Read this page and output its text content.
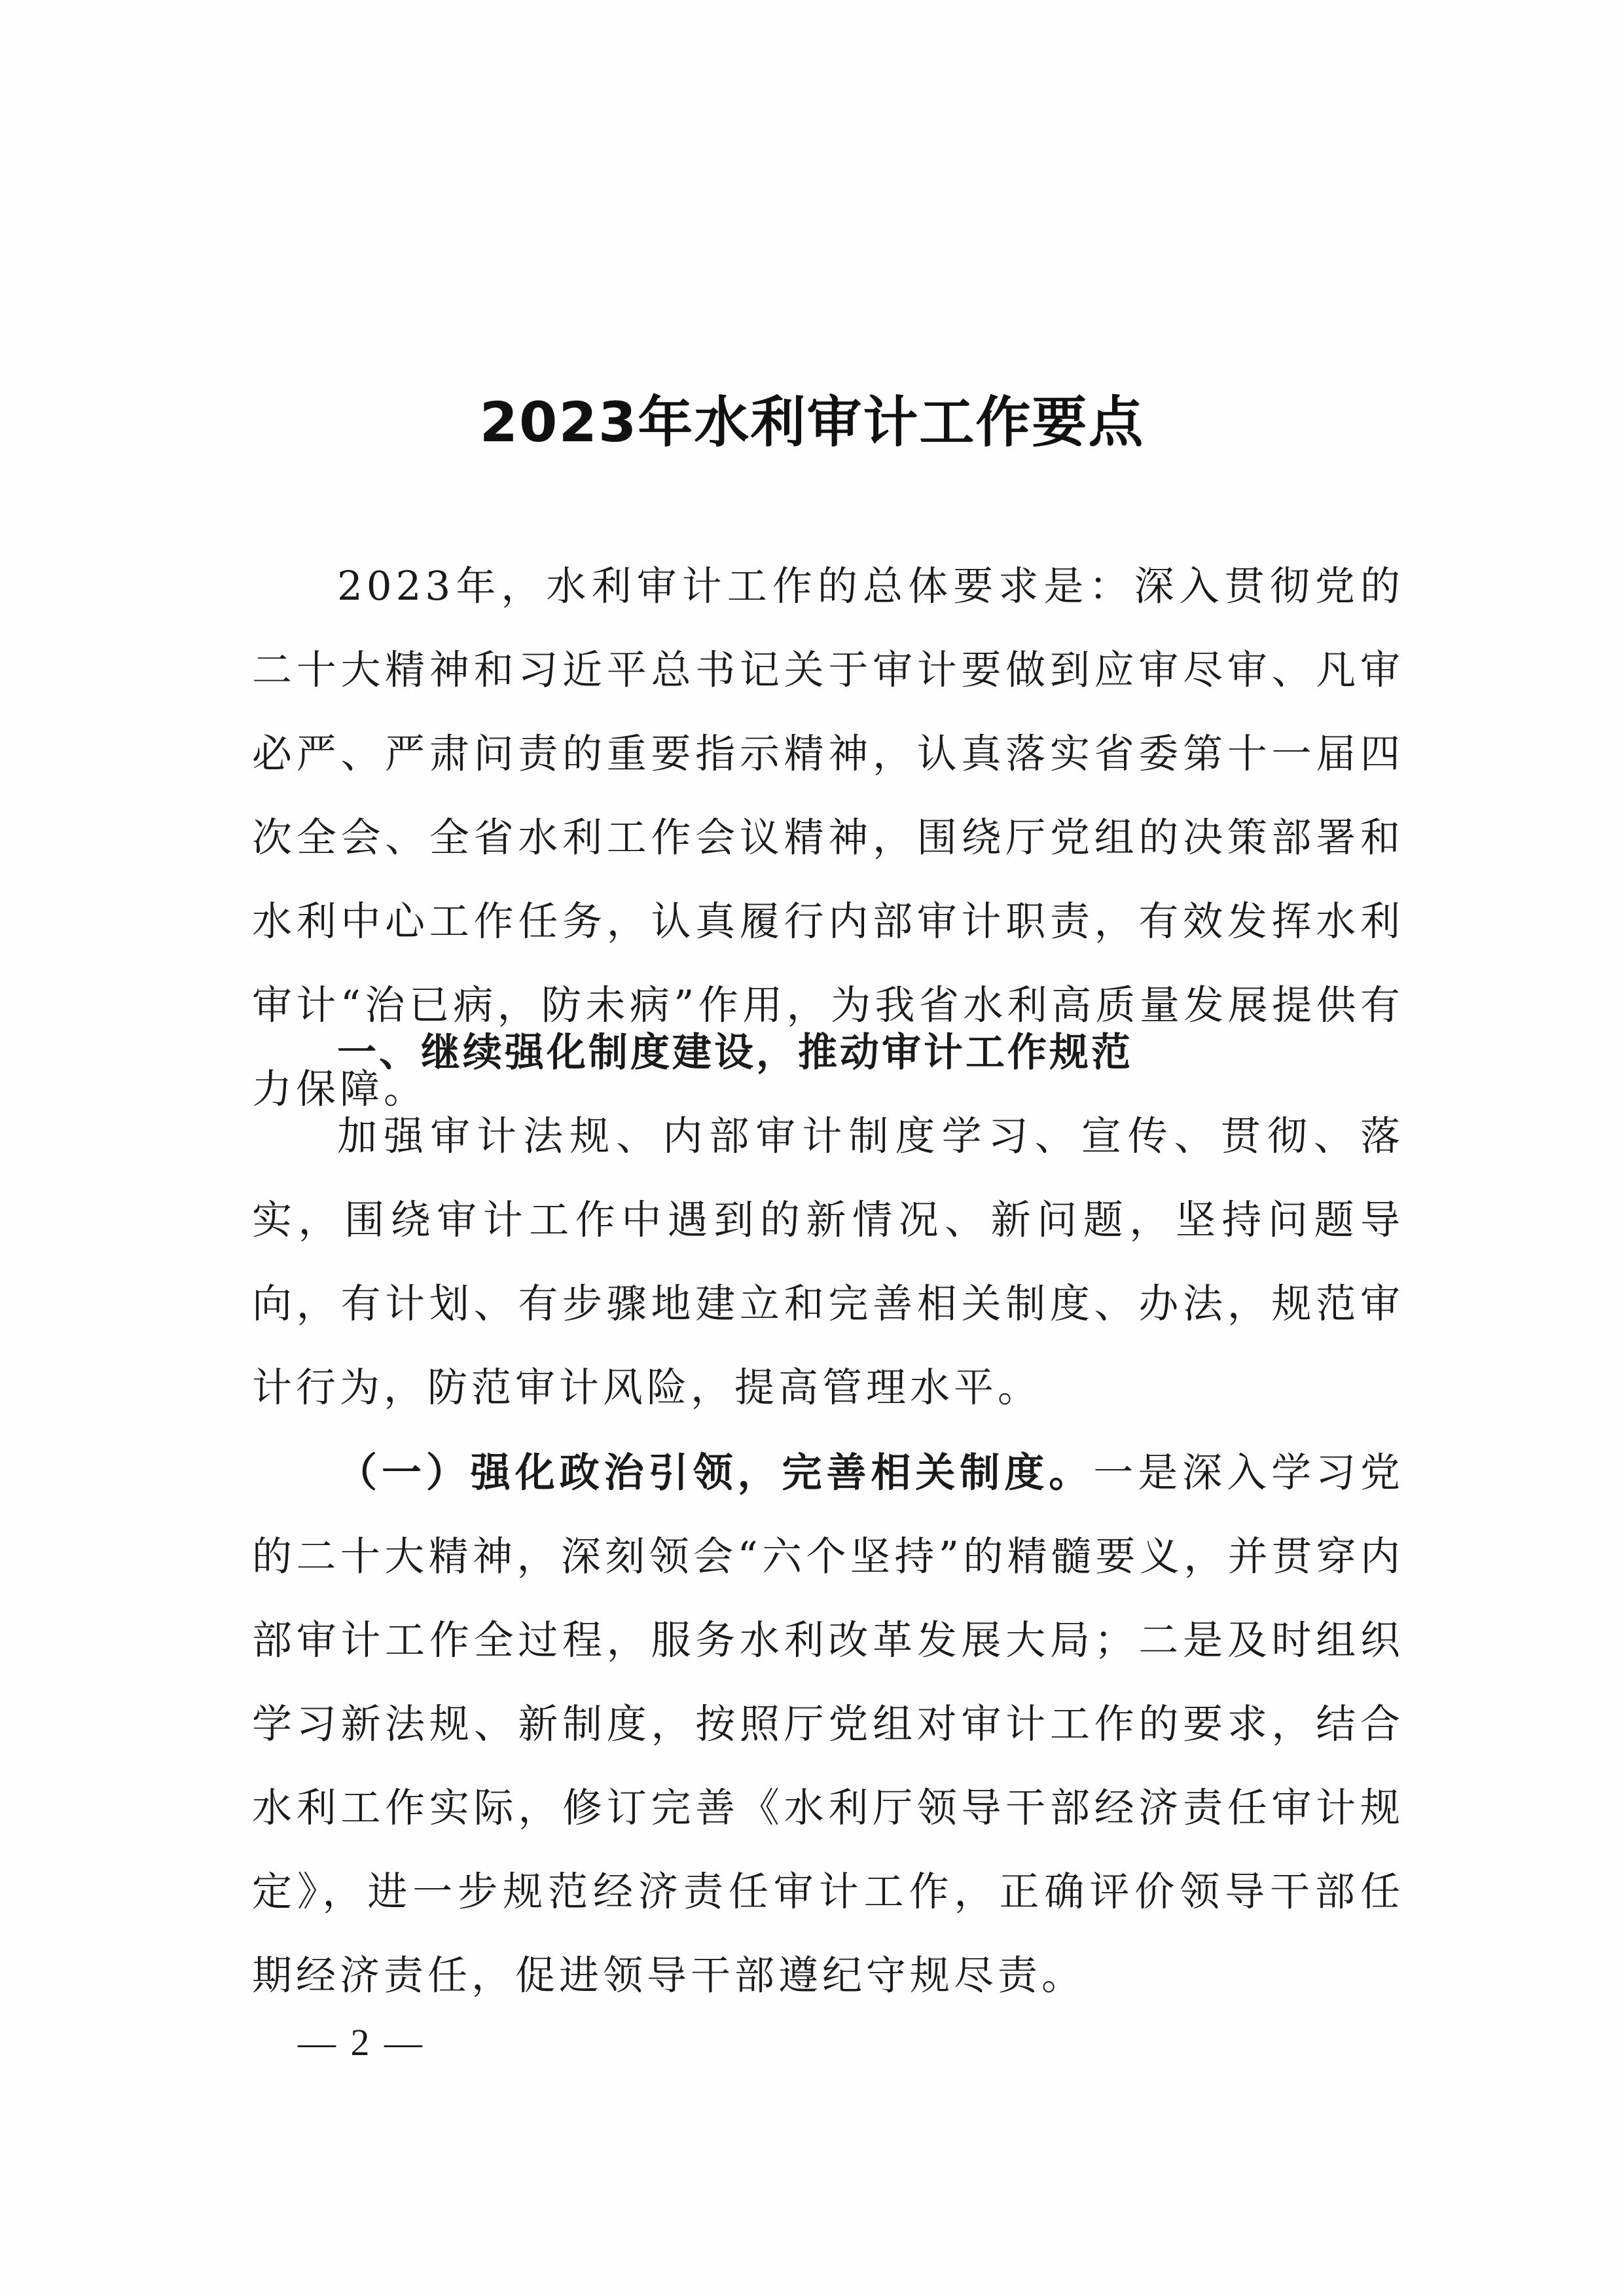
2023年水利审计工作要点

2023年，水利审计工作的总体要求是：深入贯彻党的二十大精神和习近平总书记关于审计要做到应审尽审、凡审必严、严肃问责的重要指示精神，认真落实省委第十一届四次全会、全省水利工作会议精神，围绕厅党组的决策部署和水利中心工作任务，认真履行内部审计职责，有效发挥水利审计“治已病，防未病”作用，为我省水利高质量发展提供有力保障。

一、继续强化制度建设，推动审计工作规范

加强审计法规、内部审计制度学习、宣传、贯彻、落实，围绕审计工作中遇到的新情况、新问题，坚持问题导向，有计划、有步骤地建立和完善相关制度、办法，规范审计行为，防范审计风险，提高管理水平。

（一）强化政治引领，完善相关制度。一是深入学习党的二十大精神，深刻领会“六个坚持”的精髓要义，并贯穿内部审计工作全过程，服务水利改革发展大局；二是及时组织学习新法规、新制度，按照厅党组对审计工作的要求，结合水利工作实际，修订完善《水利厅领导干部经济责任审计规定》，进一步规范经济责任审计工作，正确评价领导干部任期经济责任，促进领导干部遵纪守规尽责。

— 2 —
